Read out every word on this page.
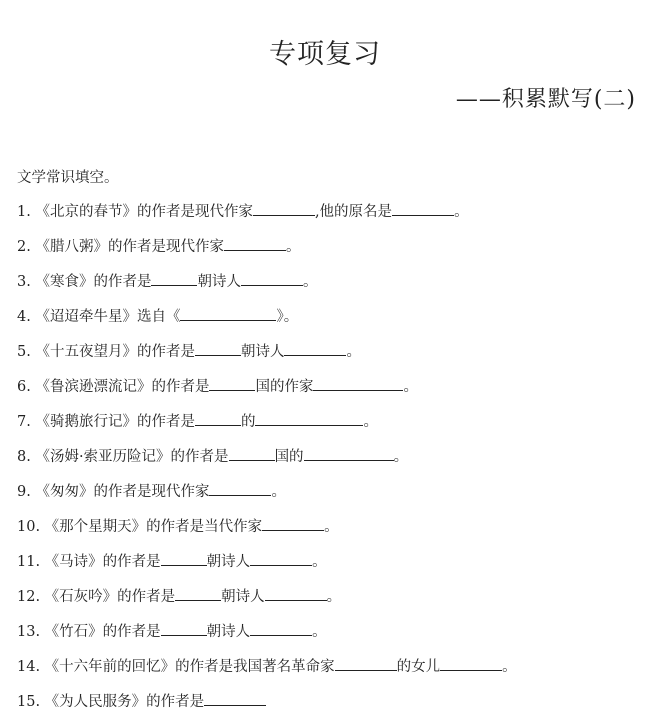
专项复习
——积累默写(二)
文学常识填空。
1. 《北京的春节》的作者是现代作家	,他的原名是	。
2. 《腊八粥》的作者是现代作家	。
3. 《寒食》的作者是	朝诗人	。
4. 《迢迢牵牛星》选自《	》。
5. 《十五夜望月》的作者是	朝诗人	。
6. 《鲁滨逊漂流记》的作者是	国的作家	。
7. 《骑鹅旅行记》的作者是	的	。
8. 《汤姆·索亚历险记》的作者是	国的	。
9. 《匆匆》的作者是现代作家	。
10. 《那个星期天》的作者是当代作家	。
11. 《马诗》的作者是	朝诗人	。
12. 《石灰吟》的作者是	朝诗人	。
13. 《竹石》的作者是	朝诗人	。
14. 《十六年前的回忆》的作者是我国著名革命家	的女儿	。
15. 《为人民服务》的作者是
